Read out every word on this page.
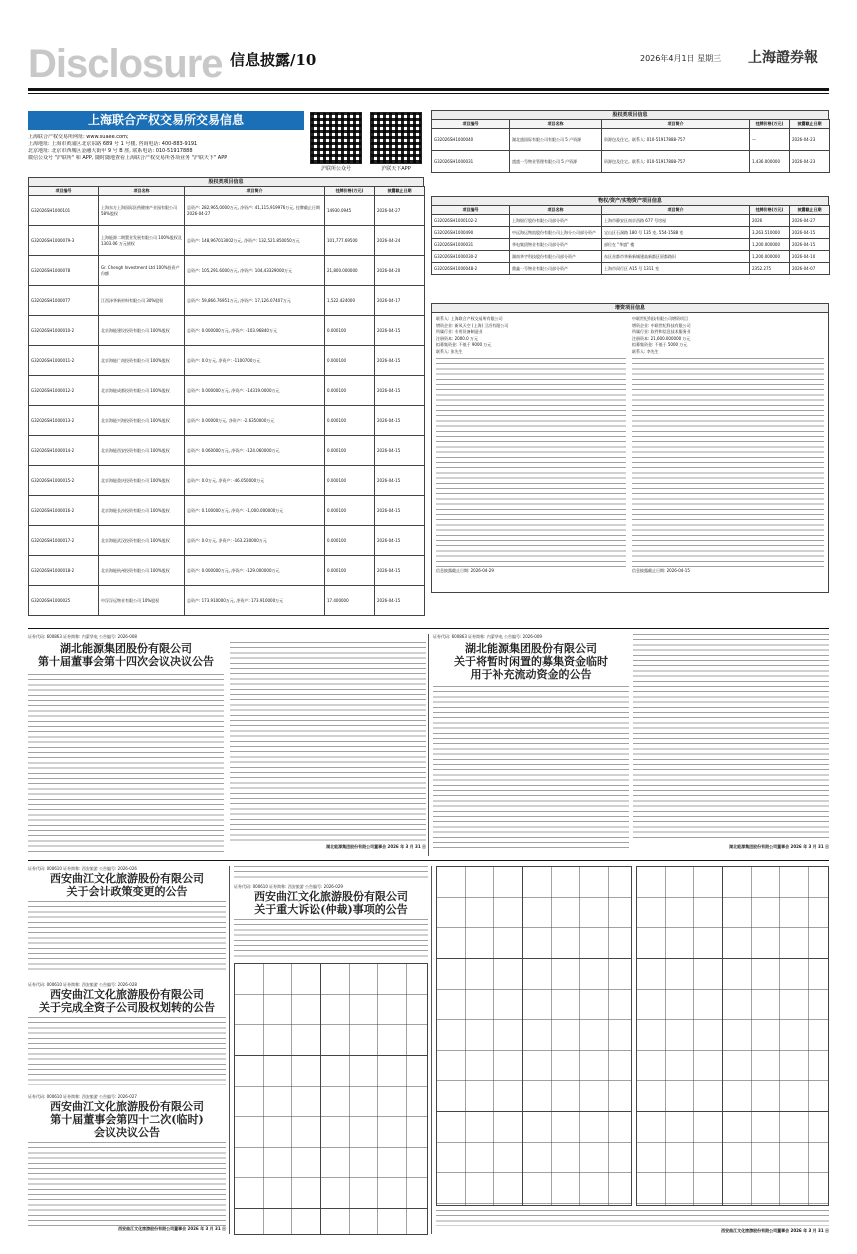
Disclosure 信息披露/10	2026年4月1日 星期三 上海證券報
上海联合产权交易所交易信息
上海联合产权交易所网址: www.suaee.com;
上海地址: 上海市黄浦区北京东路 689 号 1 号楼, 咨询电话: 400-883-9191
北京地址: 北京市西城区金融大街甲 9 号 B 座, 联系电话: 010-51917888
微信公众号 "沪联所" 和 APP, 随时随地查看上海联合产权交易所各项业务 "沪联天下" APP
沪联所公众号	沪联天下APP
股权类项目信息
项目编号	项目名称	项目简介	挂牌价格(万元)	披露截止日期
G32026SH1000101	上海东方上海国际医药健康产业园有限公司 58%股权	总资产: 282,965,0000万元, 净资产: 41,115,919976万元, 挂牌截止日期 2026-04-27	14930.0945	2026-04-27
G32026SH1000079-3	上海能源二期置业发展有限公司 100%股权及 1303.06 万元债权	总资产: 148,967013002万元, 净资产: 132,521.850050万元	101,777.69500	2026-04-24
G32026SH1000078	Gr. Chengh Investment Ltd 100%投资产份额	总资产: 105,291.6000万元, 净资产: 104,43329000万元	21,800.000000	2026-04-20
G32026SH1000077	江西泽华新材料有限公司 30%股权	总资产: 59,866.76951万元, 净资产: 17,126.07407万元	1,522.424000	2026-04-17
G32026SH1000010-2	北京海能建设投资有限公司 100%股权	总资产: 0.000000万元, 净资产: -103.96840万元	0.000100	2026-04-15
G32026SH1000011-2	北京海能广南投资有限公司 100%股权	总资产: 0.0万元, 净资产: -1100700万元	0.000100	2026-04-15
G32026SH1000012-2	北京海能成都投资有限公司 100%股权	总资产: 0.000000万元, 净资产: -14319.0000万元	0.000100	2026-04-15
G32026SH1000013-2	北京海能兴海投资有限公司 100%股权	总资产: 0.00000万元, 净资产: -2.6350000万元	0.000100	2026-04-15
G32026SH1000014-2	北京海能西安投资有限公司 100%股权	总资产: 0.060000万元, 净资产: -124.060000万元	0.000100	2026-04-15
G32026SH1000015-2	北京海能重庆投资有限公司 100%股权	总资产: 0.0万元, 净资产: -46.050000万元	0.000100	2026-04-15
G32026SH1000016-2	北京海能长沙投资有限公司 100%股权	总资产: 0.100000万元, 净资产: -1,000.000000万元	0.000100	2026-04-15
G32026SH1000017-2	北京海能武汉投资有限公司 100%股权	总资产: 0.0万元, 净资产: -163.230000万元	0.000100	2026-04-15
G32026SH1000018-2	北京海能杭州投资有限公司 100%股权	总资产: 0.000000万元, 净资产: -129.000000万元	0.000100	2026-04-15
G32026SH1000025	中浮浮远物业有限公司 10%股权	总资产: 173.910000万元, 净资产: 173.910000万元	17.400000	2026-04-15
股权类项目信息
项目编号	项目名称	项目简介	挂牌价格(万元)	披露截止日期
G32026SH1000040	湖北盛国际有限公司有限公司 5 户资源	资源包及住宅。联系人: 010-51917888-757	—	2026-04-23
G32026SH1000031	盛盛一号物业管理有限公司 5 户资源	资源包及住宅。联系人: 010-51917888-757	1,436.000000	2026-04-23
物权/资产/实物资产项目信息
项目编号	项目名称	项目简介	挂牌价格(万元)	披露截止日期
G32026SH1000102-2	上海银行股份有限公司部分资产	上海市静安区南京西路 677 号房屋	2026	2026-04-27
G32026SH1000490	中远海运物流股份有限公司上海分公司部分资产	宝山区石洞路 180 号 135 室, 554-1588 室	3,263.510000	2026-04-15
G32026SH1000031	华电集团物业有限公司部分资产	部位在 "华盛" 楼	1,200.000000	2026-04-15
G32026SH1000030-2	湖南华宇科技股份有限公司部分资产	东区首都市华新新城建高新都区原都路旧	1,200.000000	2026-04-10
G32026SH1000048-2	鼎鑫一号物业有限公司部分资产	上海市闵行区 A15 号 1311 室	2352.275	2026-04-07
增资项目信息
联系人: 上海联合产权交易所有限公司
增资企业: 新风天空 (上海) 卫浴有限公司
所属行业: 专用设备制造业
注册资本: 2000.0 万元
拟募集资金: 不低于 9000 万元
联系人: 张先生
信息披露截止日期: 2026-04-29
中联世纪科技有限公司增资项目
增资企业: 中联世纪科技有限公司
所属行业: 软件和信息技术服务业
注册资本: 21,600.000000 万元
拟募集资金: 不低于 5000 万元
联系人: 李先生
信息披露截止日期: 2026-04-15
证券代码: 600863 证券简称: 内蒙华电 公告编号: 2026-008
湖北能源集团股份有限公司
第十届董事会第十四次会议决议公告
湖北能源集团股份有限公司董事会 2026 年 3 月 31 日
证券代码: 600863 证券简称: 内蒙华电 公告编号: 2026-009
湖北能源集团股份有限公司
关于将暂时闲置的募集资金临时
用于补充流动资金的公告
湖北能源集团股份有限公司董事会 2026 年 3 月 31 日
证券代码: 000610 证券简称: 西安旅游 公告编号: 2026-026
西安曲江文化旅游股份有限公司
关于会计政策变更的公告
证券代码: 000610 证券简称: 西安旅游 公告编号: 2026-028
西安曲江文化旅游股份有限公司
关于完成全资子公司股权划转的公告
证券代码: 000610 证券简称: 西安旅游 公告编号: 2026-027
西安曲江文化旅游股份有限公司
第十届董事会第四十二次(临时)
会议决议公告
西安曲江文化旅游股份有限公司董事会 2026 年 3 月 31 日
证券代码: 000610 证券简称: 西安旅游 公告编号: 2026-029
西安曲江文化旅游股份有限公司
关于重大诉讼(仲裁)事项的公告
西安曲江文化旅游股份有限公司董事会 2026 年 3 月 31 日
